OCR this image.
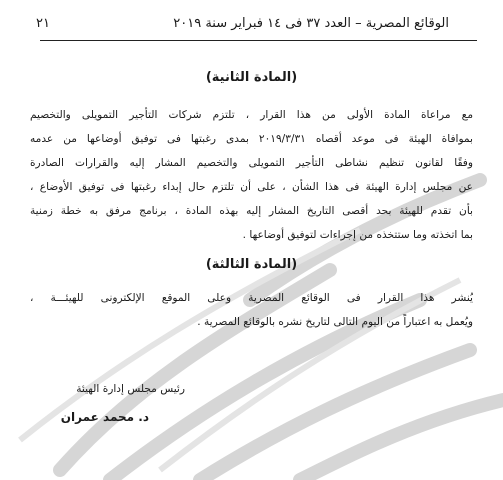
الوقائع المصرية – العدد ٣٧ فى ١٤ فبراير سنة ٢٠١٩
٢١
(المادة الثانية)
مع مراعاة المادة الأولى من هذا القرار ، تلتزم شركات التأجير التمويلى والتخصيم
بموافاة الهيئة فى موعد أقصاه ٢٠١٩/٣/٣١ بمدى رغبتها فى توفيق أوضاعها من عدمه
وفقًا لقانون تنظيم نشاطى التأجير التمويلى والتخصيم المشار إليه والقرارات الصادرة
عن مجلس إدارة الهيئة فى هذا الشأن ، على أن تلتزم حال إبداء رغبتها فى توفيق الأوضاع ،
بأن تقدم للهيئة بحد أقصى التاريخ المشار إليه بهذه المادة ، برنامج مرفق به خطة زمنية
بما اتخذته وما ستتخذه من إجراءات لتوفيق أوضاعها .
(المادة الثالثة)
يُنشر هذا القرار فى الوقائع المصرية وعلى الموقع الإلكترونى للهيئـــة ،
ويُعمل به اعتباراً من اليوم التالى لتاريخ نشره بالوقائع المصرية .
رئيس مجلس إدارة الهيئة
د. محمد عمران
